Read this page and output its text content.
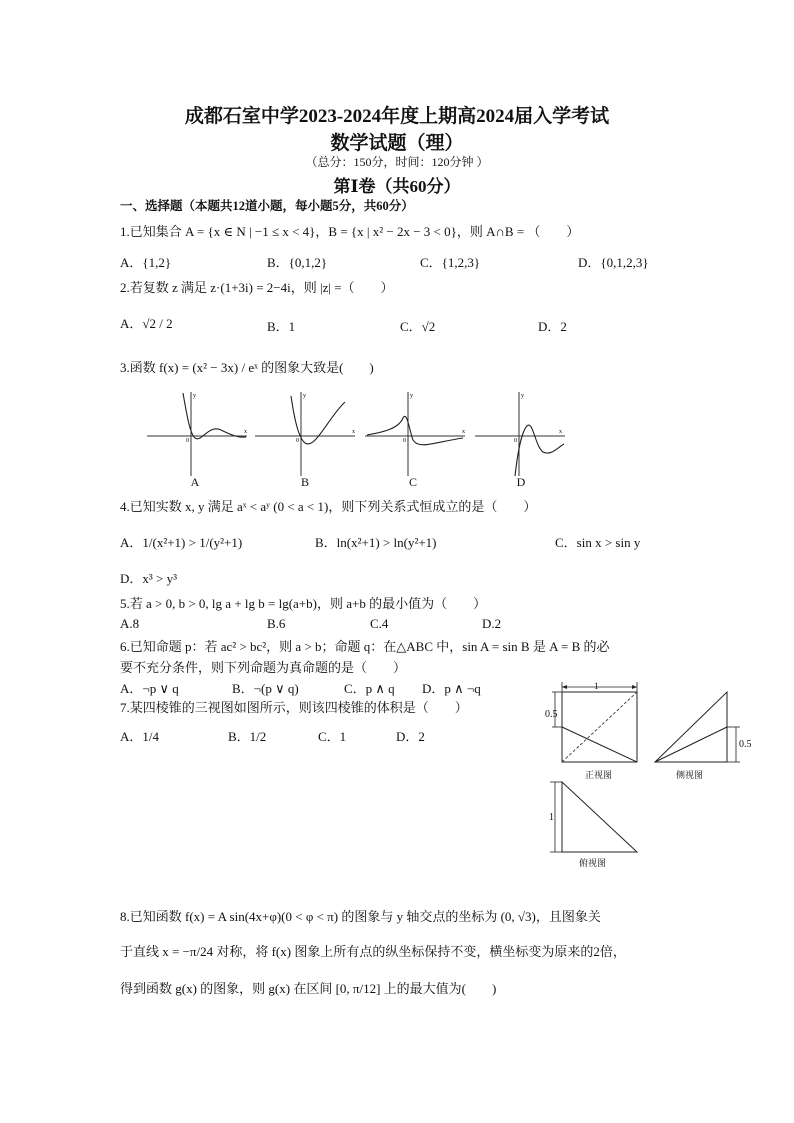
成都石室中学2023-2024年度上期高2024届入学考试
数学试题（理）
（总分：150分，时间：120分钟 ）
第Ⅰ卷（共60分）
一、选择题（本题共12道小题，每小题5分，共60分）
1.已知集合 A = {x ∈ N | −1 ≤ x < 4}，B = {x | x² − 2x − 3 < 0}，则 A∩B = （　　）
A．{1,2}	B．{0,1,2}	C．{1,2,3}	D．{0,1,2,3}
2.若复数 z 满足 z·(1+3i) = 2−4i，则 |z| =（　　）
A．√2 / 2	B．1	C．√2	D．2
3.函数 f(x) = (x² − 3x) / eˣ 的图象大致是(　　)
0
x
y
0
x
y
0
x
y
0
x
y
A	B	C	D
4.已知实数 x, y 满足 aˣ < aʸ (0 < a < 1)，则下列关系式恒成立的是（　　）
A．1/(x²+1) > 1/(y²+1)	B．ln(x²+1) > ln(y²+1)	C．sin x > sin y
D．x³ > y³
5.若 a > 0, b > 0, lg a + lg b = lg(a+b)，则 a+b 的最小值为（　　）
A.8	B.6	C.4	D.2
6.已知命题 p：若 ac² > bc²，则 a > b；命题 q：在△ABC 中，sin A = sin B 是 A = B 的必
要不充分条件，则下列命题为真命题的是（　　）
A．¬p ∨ q	B．¬(p ∨ q)	C．p ∧ q D．p ∧ ¬q
7.某四棱锥的三视图如图所示，则该四棱锥的体积是（　　）
A．1/4	B．1/2	C．1	D．2
1
0.5
0.5
1
正视图	侧视图
俯视图
8.已知函数 f(x) = A sin(4x+φ)(0 < φ < π) 的图象与 y 轴交点的坐标为 (0, √3)，且图象关
于直线 x = −π/24 对称，将 f(x) 图象上所有点的纵坐标保持不变，横坐标变为原来的2倍，
得到函数 g(x) 的图象，则 g(x) 在区间 [0, π/12] 上的最大值为(　　)
